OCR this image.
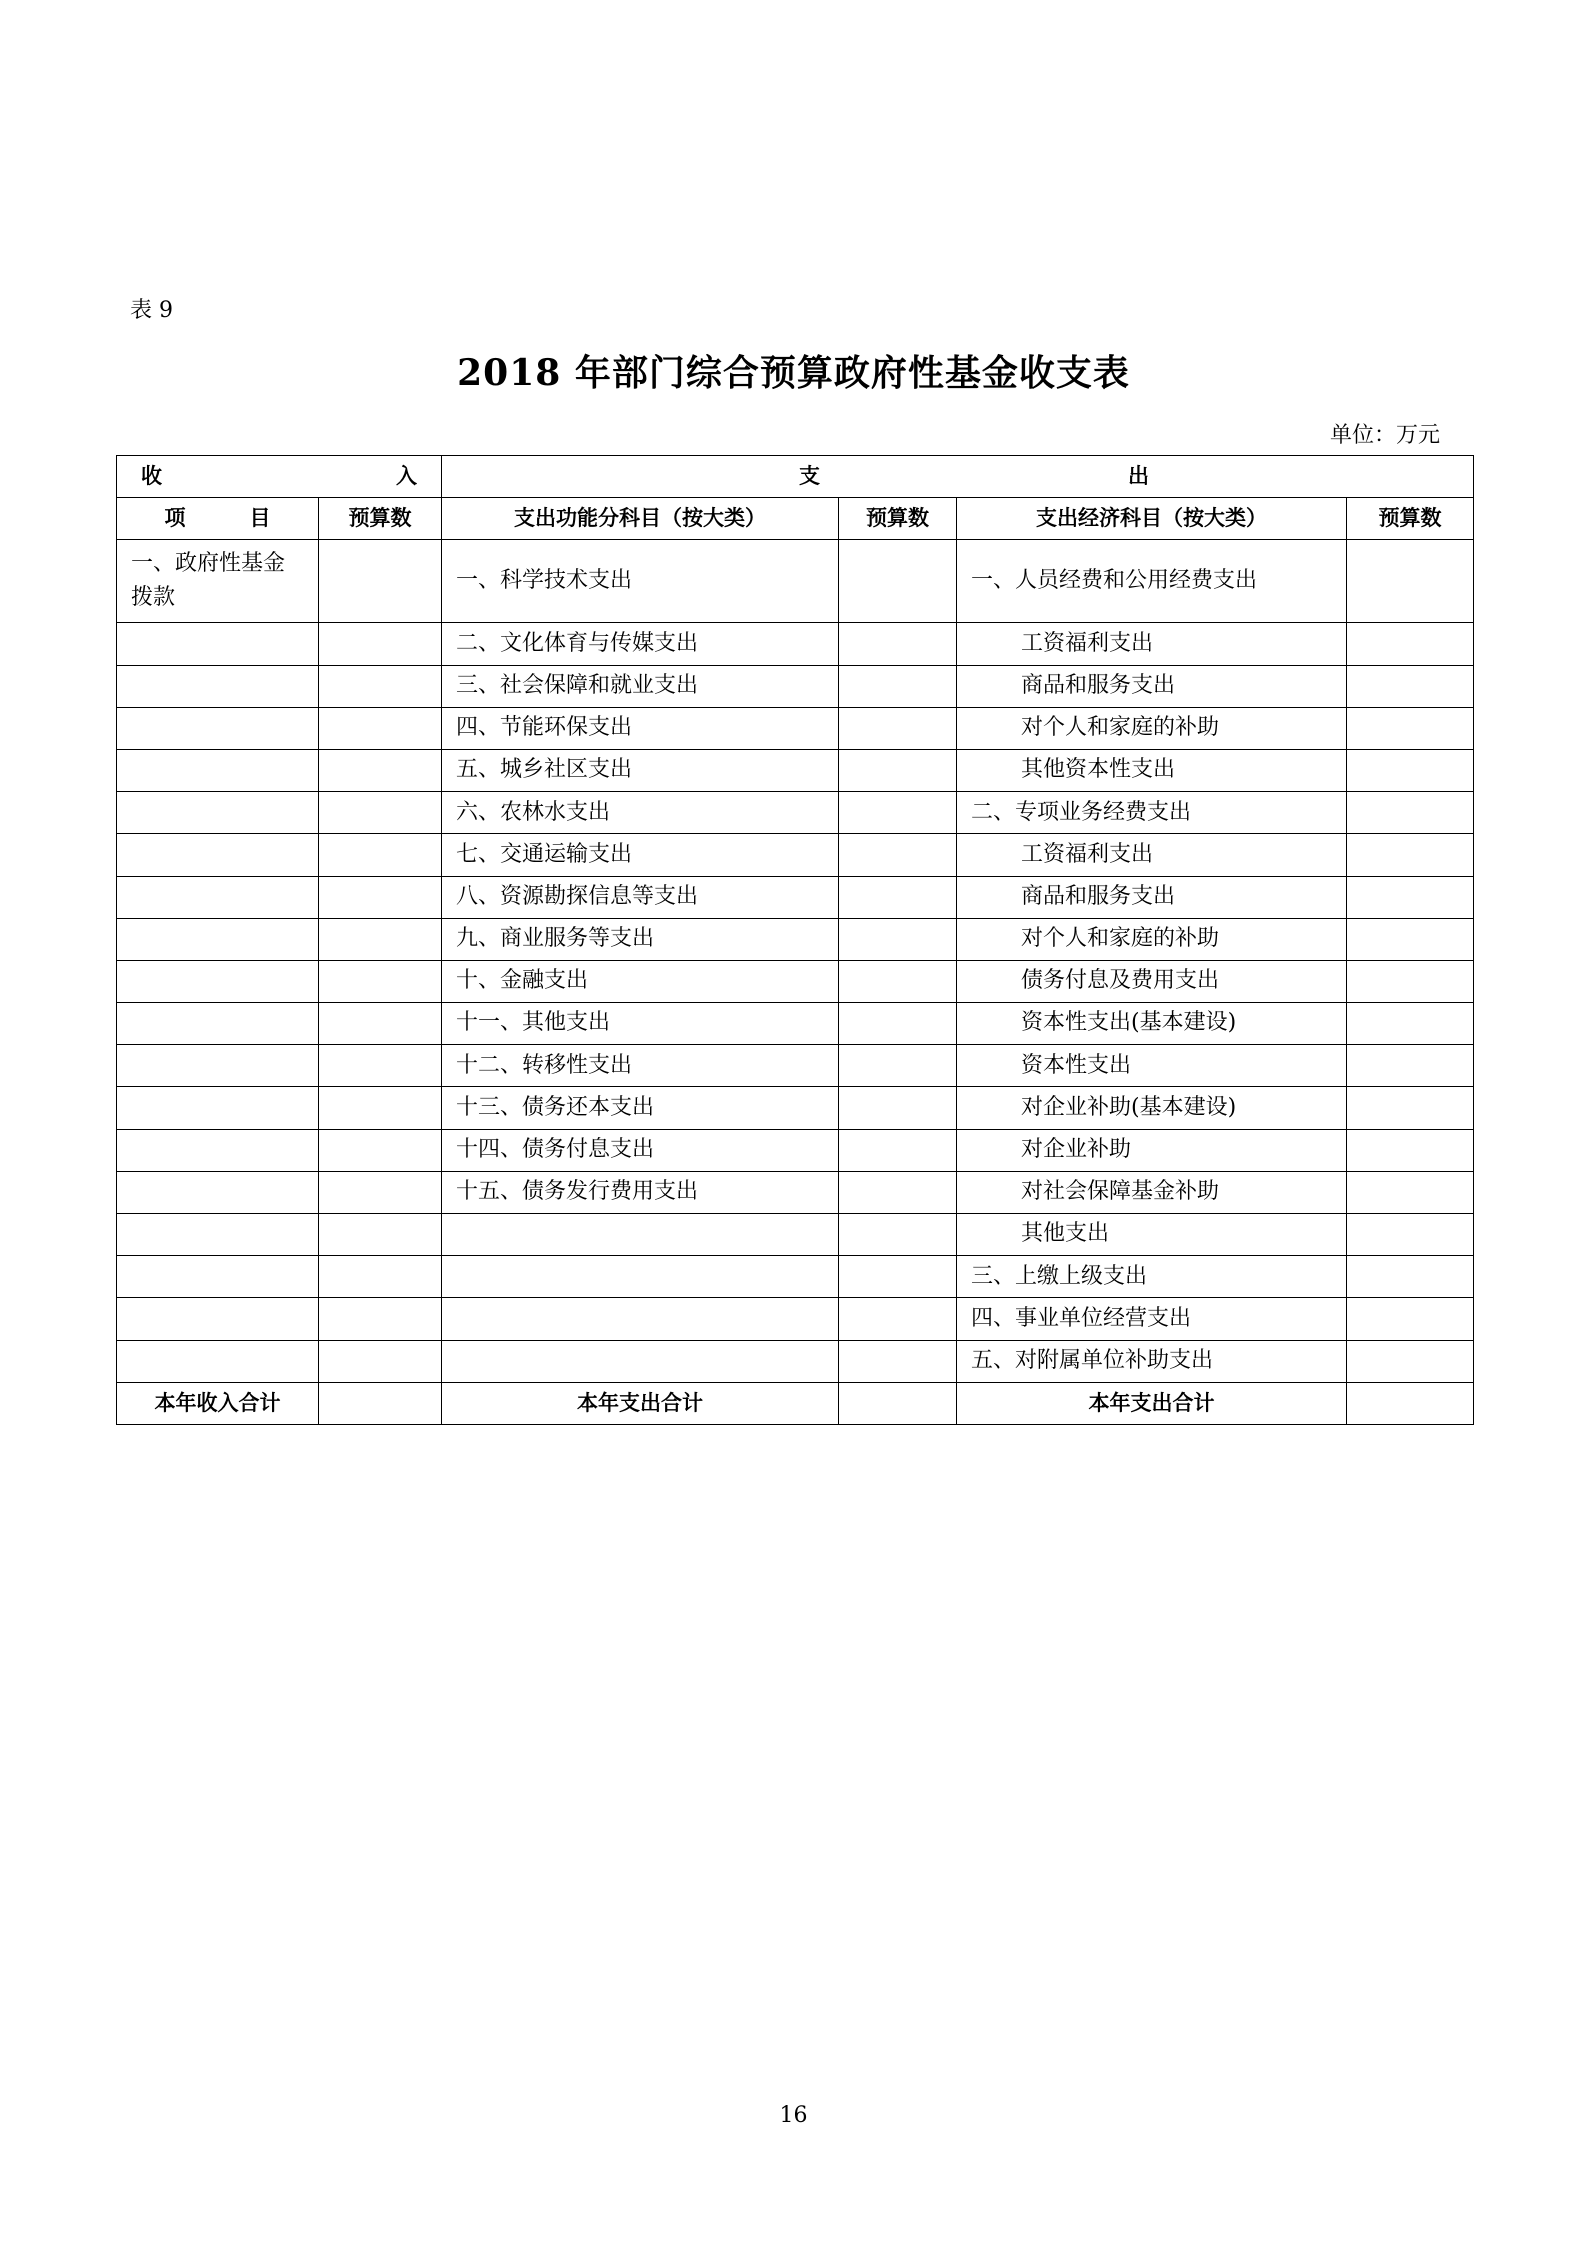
表 9
2018 年部门综合预算政府性基金收支表
单位：万元
收 入		支 出			

项 目	预算数	支出功能分科目（按大类）	预算数	支出经济科目（按大类）	预算数
一、政府性基金拨款		一、科学技术支出		一、人员经费和公用经费支出	
		二、文化体育与传媒支出		工资福利支出	
		三、社会保障和就业支出		商品和服务支出	
		四、节能环保支出		对个人和家庭的补助	
		五、城乡社区支出		其他资本性支出	
		六、农林水支出		二、专项业务经费支出	
		七、交通运输支出		工资福利支出	
		八、资源勘探信息等支出		商品和服务支出	
		九、商业服务等支出		对个人和家庭的补助	
		十、金融支出		债务付息及费用支出	
		十一、其他支出		资本性支出(基本建设)	
		十二、转移性支出		资本性支出	
		十三、债务还本支出		对企业补助(基本建设)	
		十四、债务付息支出		对企业补助	
		十五、债务发行费用支出		对社会保障基金补助	
				其他支出	
				三、上缴上级支出	
				四、事业单位经营支出	
				五、对附属单位补助支出	
本年收入合计		本年支出合计		本年支出合计	
16
